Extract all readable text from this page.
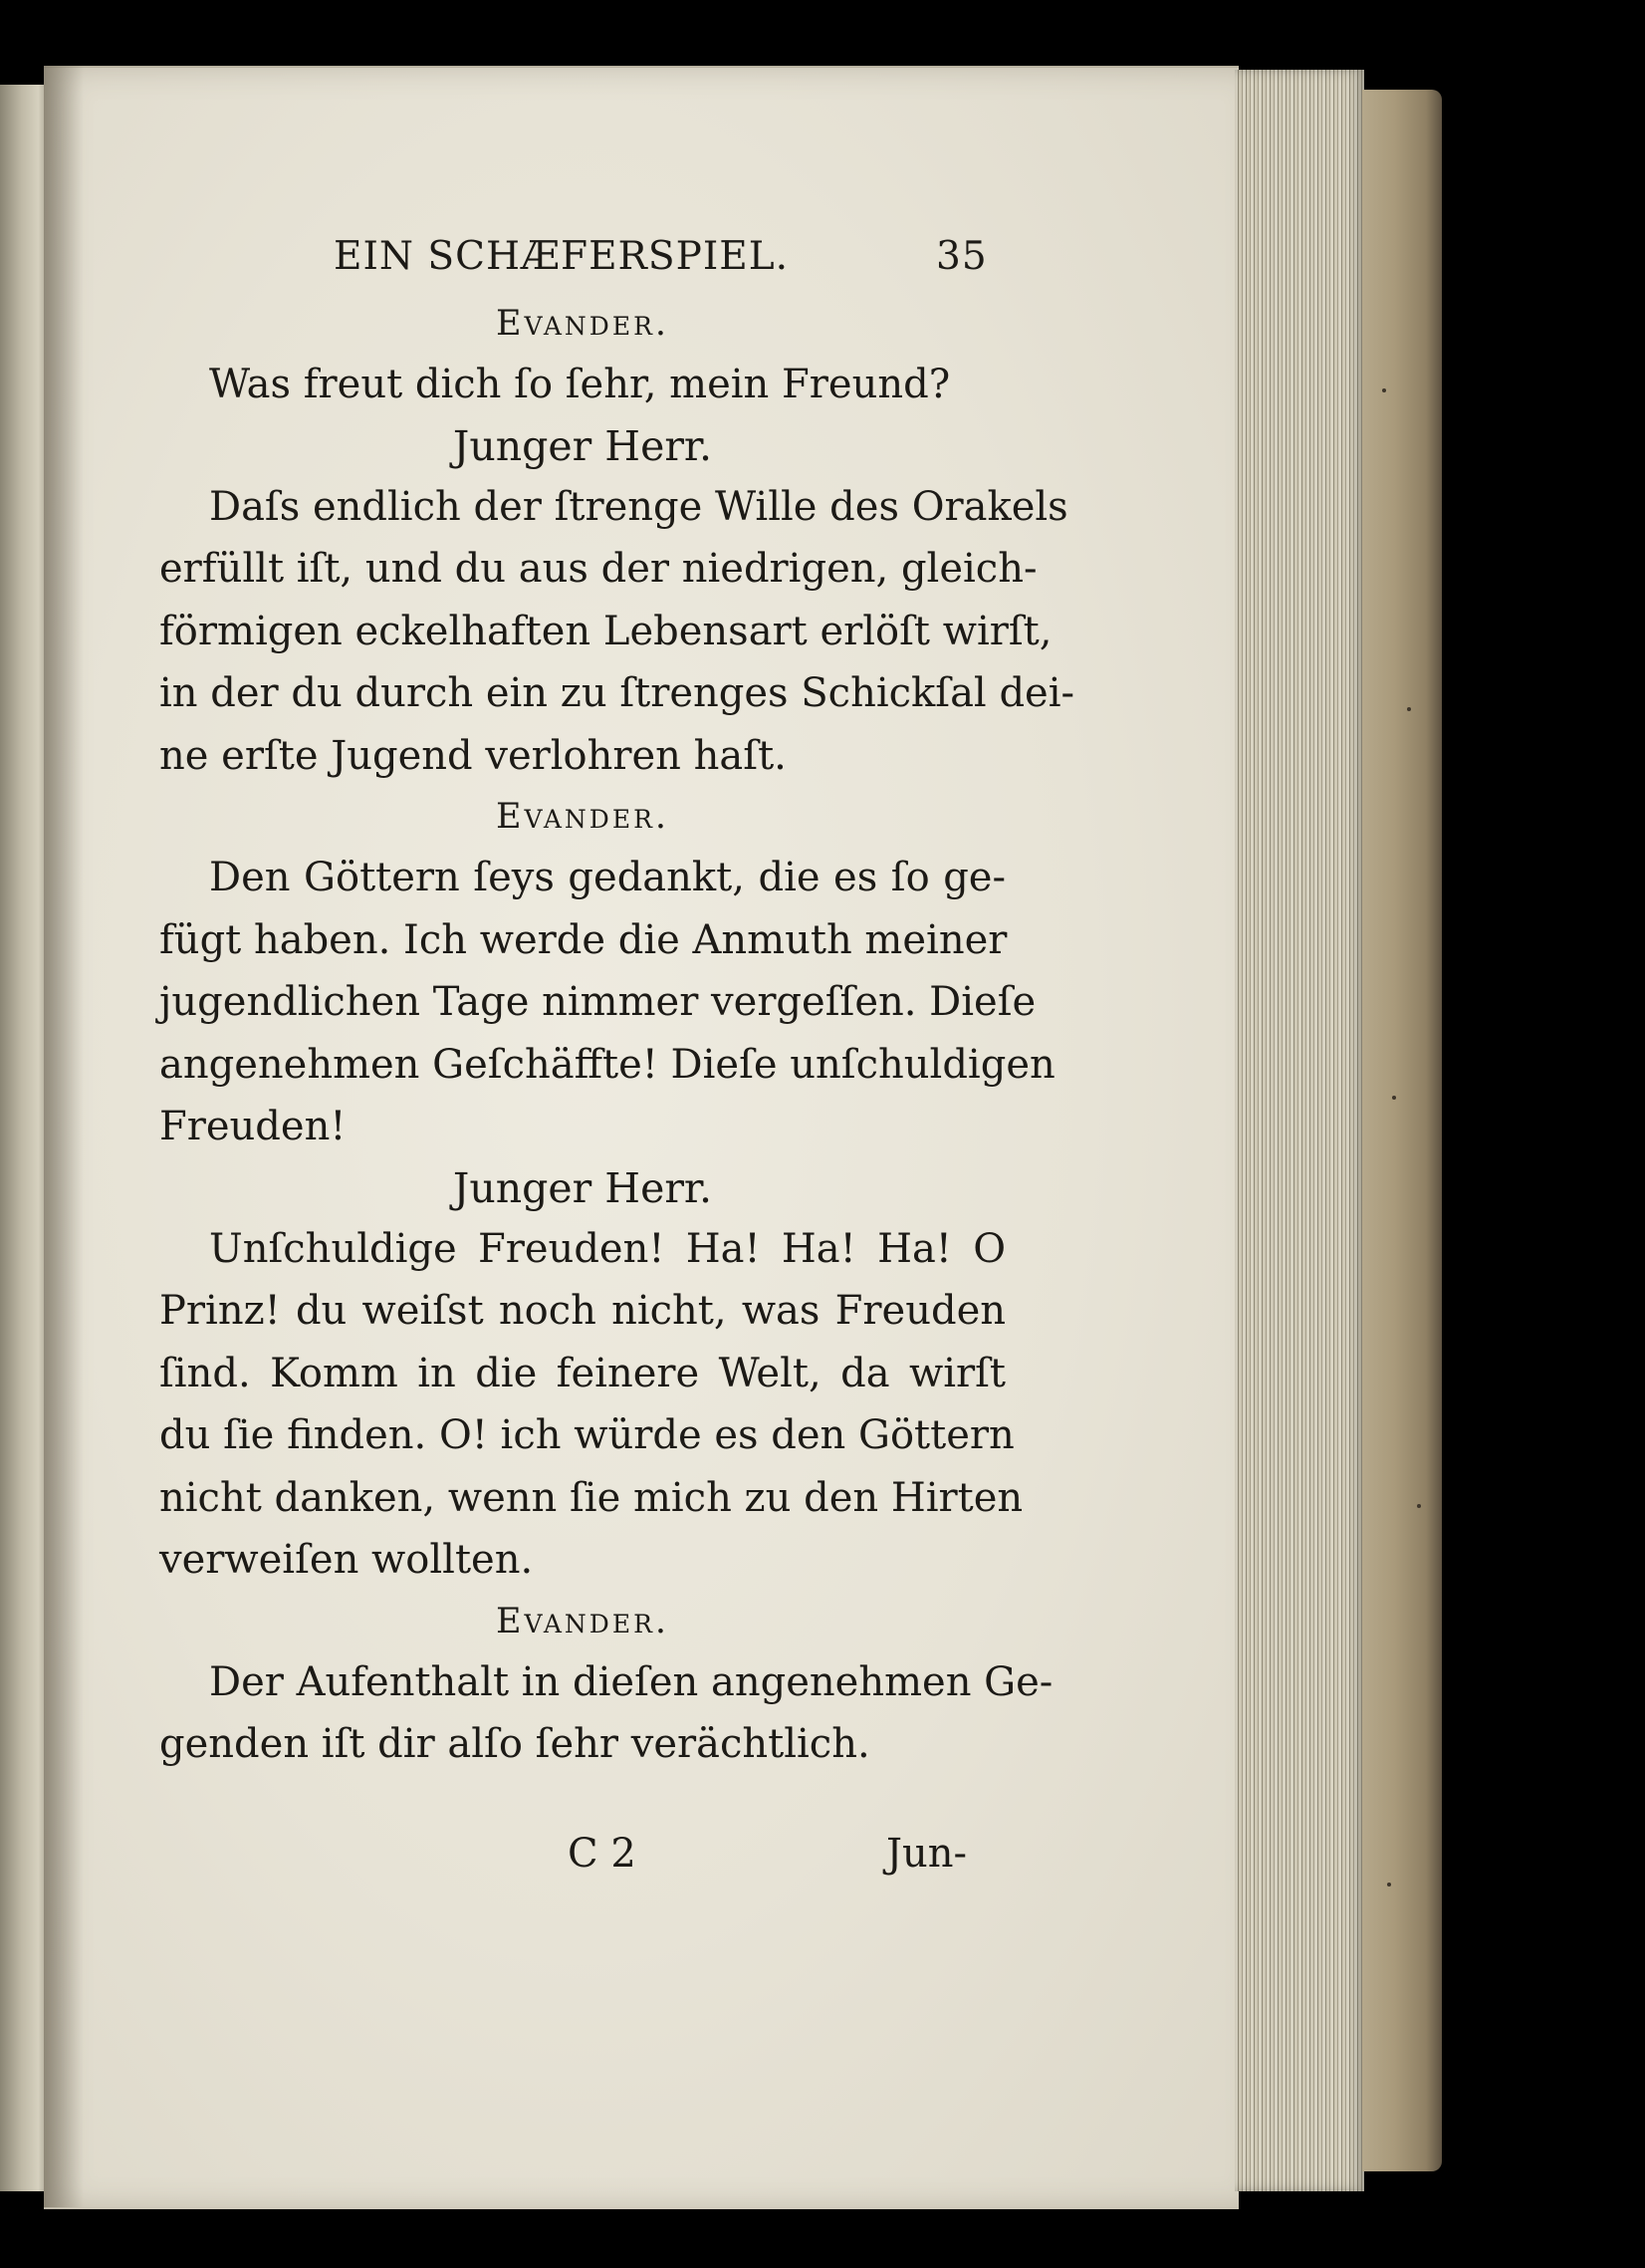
EIN SCHÆFERSPIEL.	35
Evander.
Was freut dich ſo ſehr, mein Freund?
Junger Herr.
Daſs endlich der ſtrenge Wille des Orakels
erfüllt iſt, und du aus der niedrigen, gleich-
förmigen eckelhaften Lebensart erlöſt wirſt,
in der du durch ein zu ſtrenges Schickſal dei-
ne erſte Jugend verlohren haſt.
Evander.
Den Göttern ſeys gedankt, die es ſo ge-
fügt haben. Ich werde die Anmuth meiner
jugendlichen Tage nimmer vergeſſen. Dieſe
angenehmen Geſchäffte! Dieſe unſchuldigen
Freuden!
Junger Herr.
Unſchuldige Freuden! Ha! Ha! Ha! O
Prinz! du weiſst noch nicht, was Freuden
ſind. Komm in die feinere Welt, da wirſt
du ſie finden. O! ich würde es den Göttern
nicht danken, wenn ſie mich zu den Hirten
verweiſen wollten.
Evander.
Der Aufenthalt in dieſen angenehmen Ge-
genden iſt dir alſo ſehr verächtlich.
C 2	Jun-
